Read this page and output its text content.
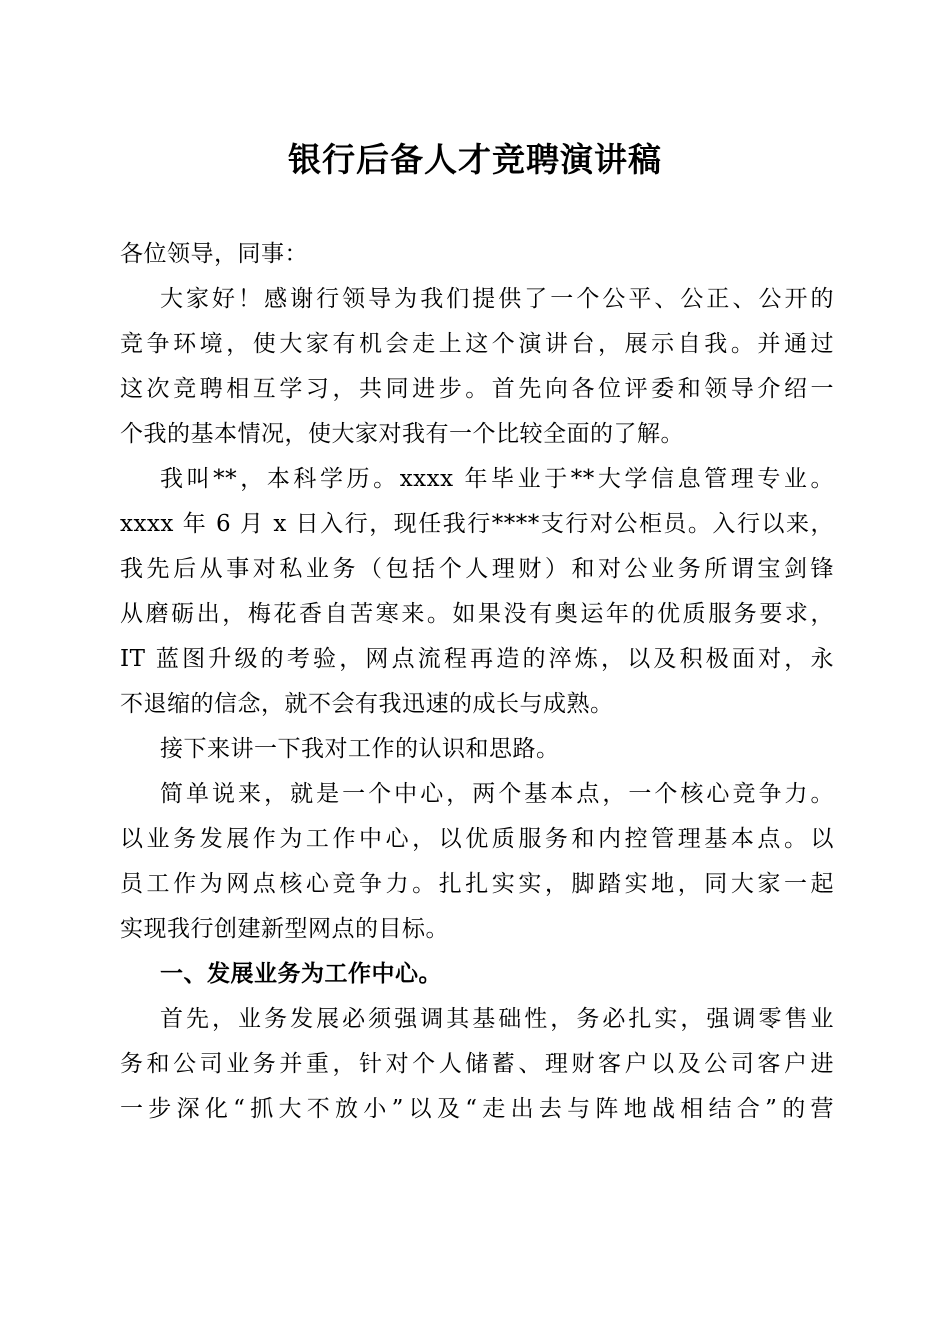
银行后备人才竞聘演讲稿
各位领导，同事：
大家好！感谢行领导为我们提供了一个公平、公正、公开的
竞争环境，使大家有机会走上这个演讲台，展示自我。并通过
这次竞聘相互学习，共同进步。首先向各位评委和领导介绍一
个我的基本情况，使大家对我有一个比较全面的了解。
我叫**，本科学历。xxxx 年毕业于**大学信息管理专业。
xxxx 年 6 月 x 日入行，现任我行****支行对公柜员。入行以来，
我先后从事对私业务（包括个人理财）和对公业务所谓宝剑锋
从磨砺出，梅花香自苦寒来。如果没有奥运年的优质服务要求，
IT 蓝图升级的考验，网点流程再造的淬炼，以及积极面对，永
不退缩的信念，就不会有我迅速的成长与成熟。
接下来讲一下我对工作的认识和思路。
简单说来，就是一个中心，两个基本点，一个核心竞争力。
以业务发展作为工作中心，以优质服务和内控管理基本点。以
员工作为网点核心竞争力。扎扎实实，脚踏实地，同大家一起
实现我行创建新型网点的目标。
一、发展业务为工作中心。
首先，业务发展必须强调其基础性，务必扎实，强调零售业
务和公司业务并重，针对个人储蓄、理财客户以及公司客户进
一步深化“抓大不放小”以及“走出去与阵地战相结合”的营
